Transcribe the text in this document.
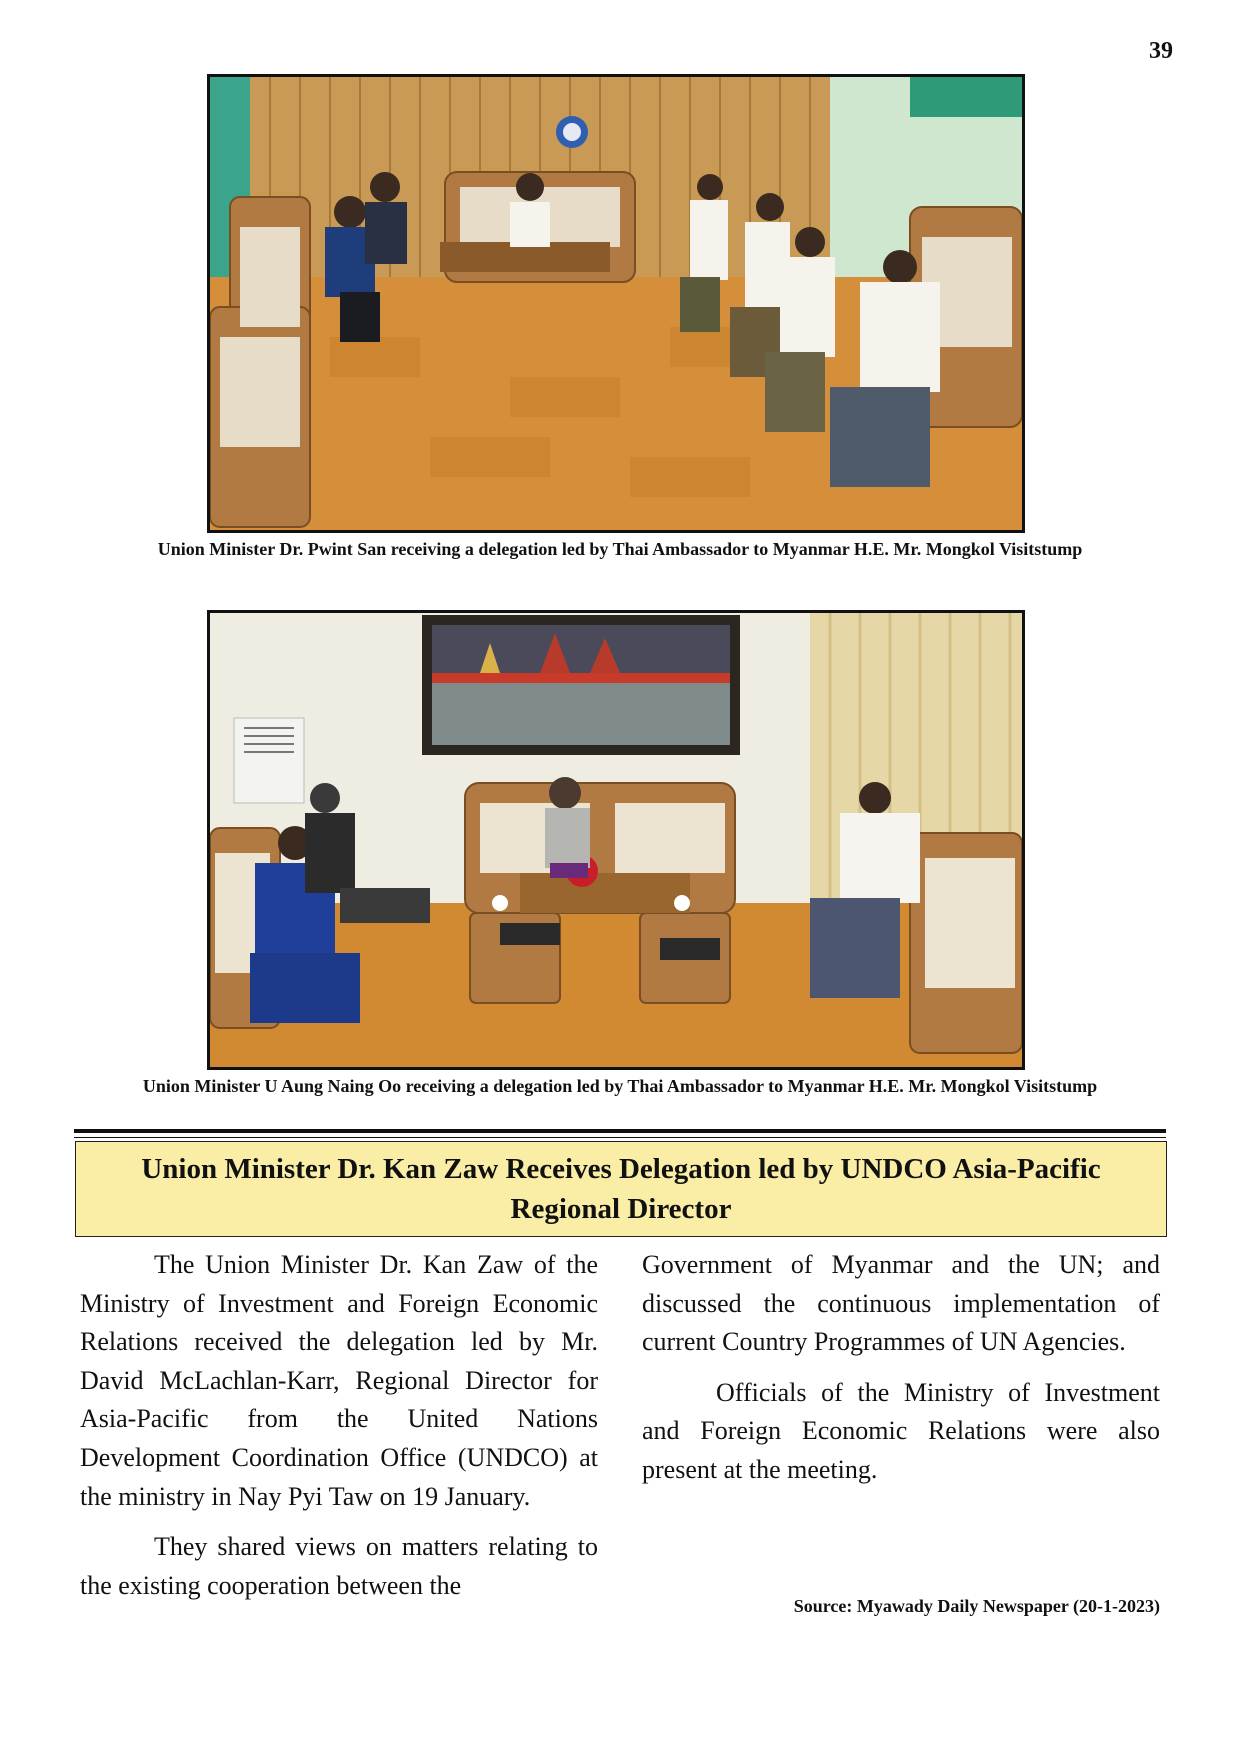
39
Union Minister Dr. Pwint San receiving a delegation led by Thai Ambassador to Myanmar H.E. Mr. Mongkol Visitstump
Union Minister U Aung Naing Oo receiving a delegation led by Thai Ambassador to Myanmar H.E. Mr. Mongkol Visitstump
Union Minister Dr. Kan Zaw Receives Delegation led by UNDCO Asia-Pacific Regional Director

The Union Minister Dr. Kan Zaw of the Ministry of Investment and Foreign Economic Relations received the delegation led by Mr. David McLachlan-Karr, Regional Director for Asia-Pacific from the United Nations Development Coordination Office (UNDCO) at the ministry in Nay Pyi Taw on 19 January.

They shared views on matters relating to the existing cooperation between the

Government of Myanmar and the UN; and discussed the continuous implementation of current Country Programmes of UN Agencies.

Officials of the Ministry of Investment and Foreign Economic Relations were also present at the meeting.

Source: Myawady Daily Newspaper (20-1-2023)
